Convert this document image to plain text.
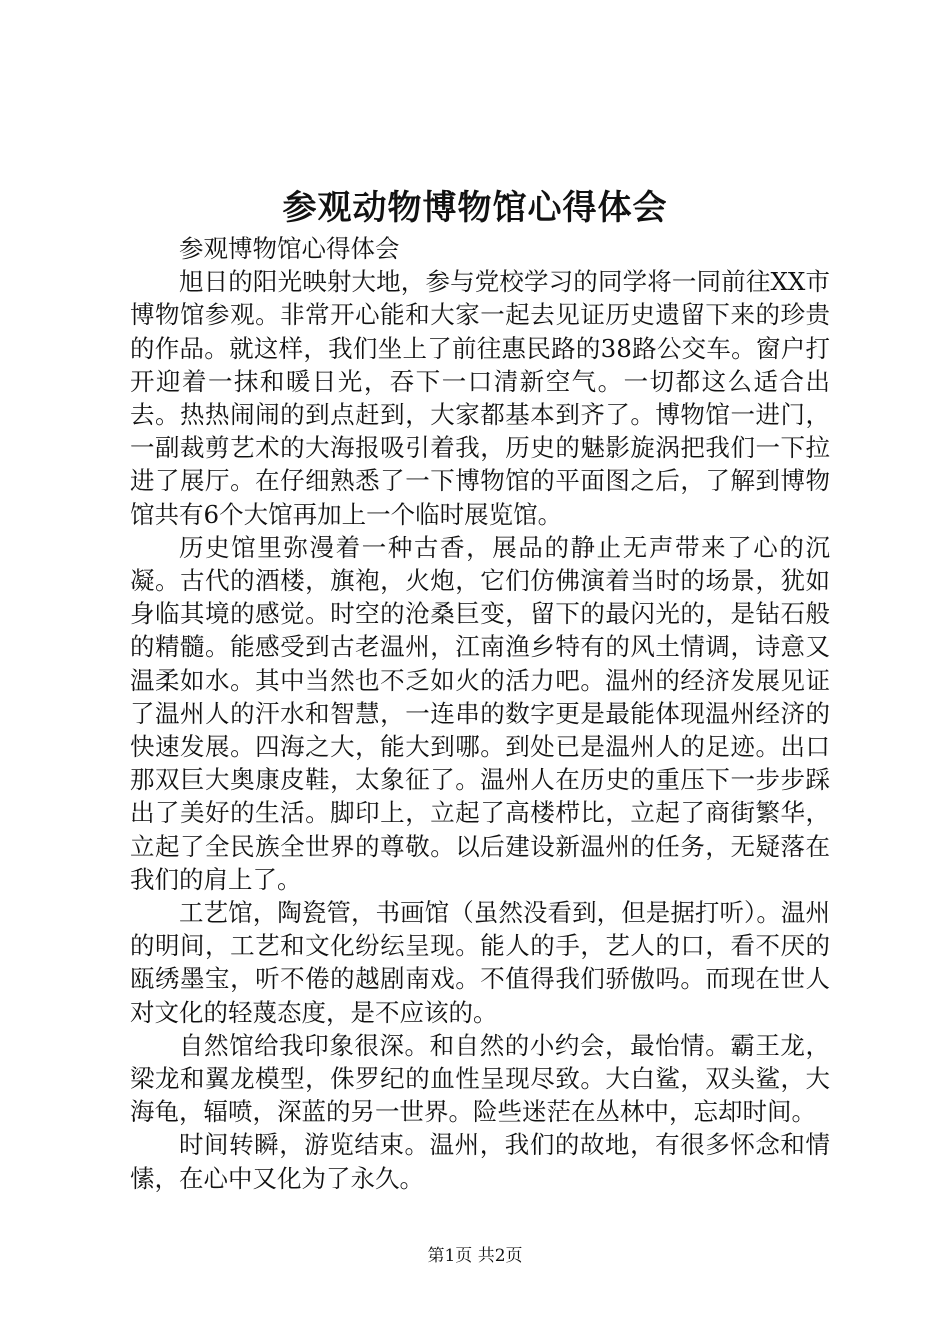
参观动物博物馆心得体会

参观博物馆心得体会

旭日的阳光映射大地，参与党校学习的同学将一同前往XX市博物馆参观。非常开心能和大家一起去见证历史遗留下来的珍贵的作品。就这样，我们坐上了前往惠民路的38路公交车。窗户打开迎着一抹和暖日光，吞下一口清新空气。一切都这么适合出去。热热闹闹的到点赶到，大家都基本到齐了。博物馆一进门，一副裁剪艺术的大海报吸引着我，历史的魅影旋涡把我们一下拉进了展厅。在仔细熟悉了一下博物馆的平面图之后，了解到博物馆共有6个大馆再加上一个临时展览馆。

历史馆里弥漫着一种古香，展品的静止无声带来了心的沉凝。古代的酒楼，旗袍，火炮，它们仿佛演着当时的场景，犹如身临其境的感觉。时空的沧桑巨变，留下的最闪光的，是钻石般的精髓。能感受到古老温州，江南渔乡特有的风土情调，诗意又温柔如水。其中当然也不乏如火的活力吧。温州的经济发展见证了温州人的汗水和智慧，一连串的数字更是最能体现温州经济的快速发展。四海之大，能大到哪。到处已是温州人的足迹。出口那双巨大奥康皮鞋，太象征了。温州人在历史的重压下一步步踩出了美好的生活。脚印上，立起了高楼栉比，立起了商街繁华，立起了全民族全世界的尊敬。以后建设新温州的任务，无疑落在我们的肩上了。

工艺馆，陶瓷管，书画馆（虽然没看到，但是据打听）。温州的明间，工艺和文化纷纭呈现。能人的手，艺人的口，看不厌的瓯绣墨宝，听不倦的越剧南戏。不值得我们骄傲吗。而现在世人对文化的轻蔑态度，是不应该的。

自然馆给我印象很深。和自然的小约会，最怡情。霸王龙，梁龙和翼龙模型，侏罗纪的血性呈现尽致。大白鲨，双头鲨，大海龟，辐喷，深蓝的另一世界。险些迷茫在丛林中，忘却时间。

时间转瞬，游览结束。温州，我们的故地，有很多怀念和情愫，在心中又化为了永久。

第1页 共2页
